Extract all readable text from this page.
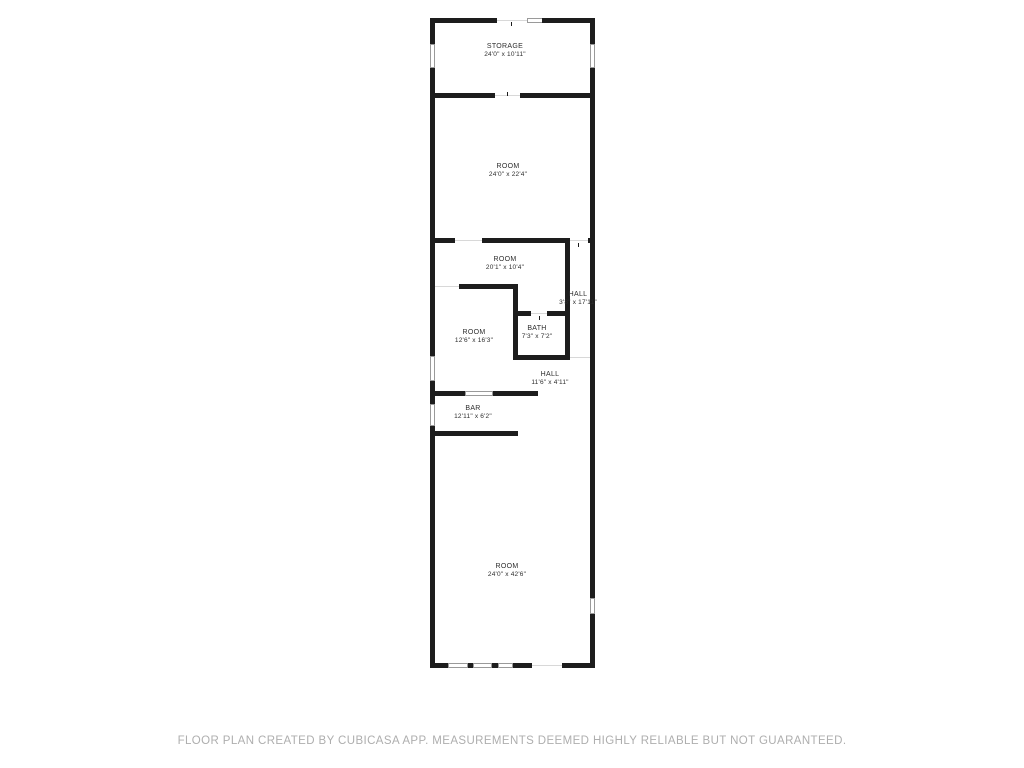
STORAGE
24'0" x 10'11"
ROOM
24'0" x 22'4"
ROOM
20'1" x 10'4"
HALL
3'8" x 17'11"
ROOM
12'6" x 16'3"
BATH
7'3" x 7'2"
HALL
11'6" x 4'11"
BAR
12'11" x 6'2"
ROOM
24'0" x 42'6"
FLOOR PLAN CREATED BY CUBICASA APP. MEASUREMENTS DEEMED HIGHLY RELIABLE BUT NOT GUARANTEED.
